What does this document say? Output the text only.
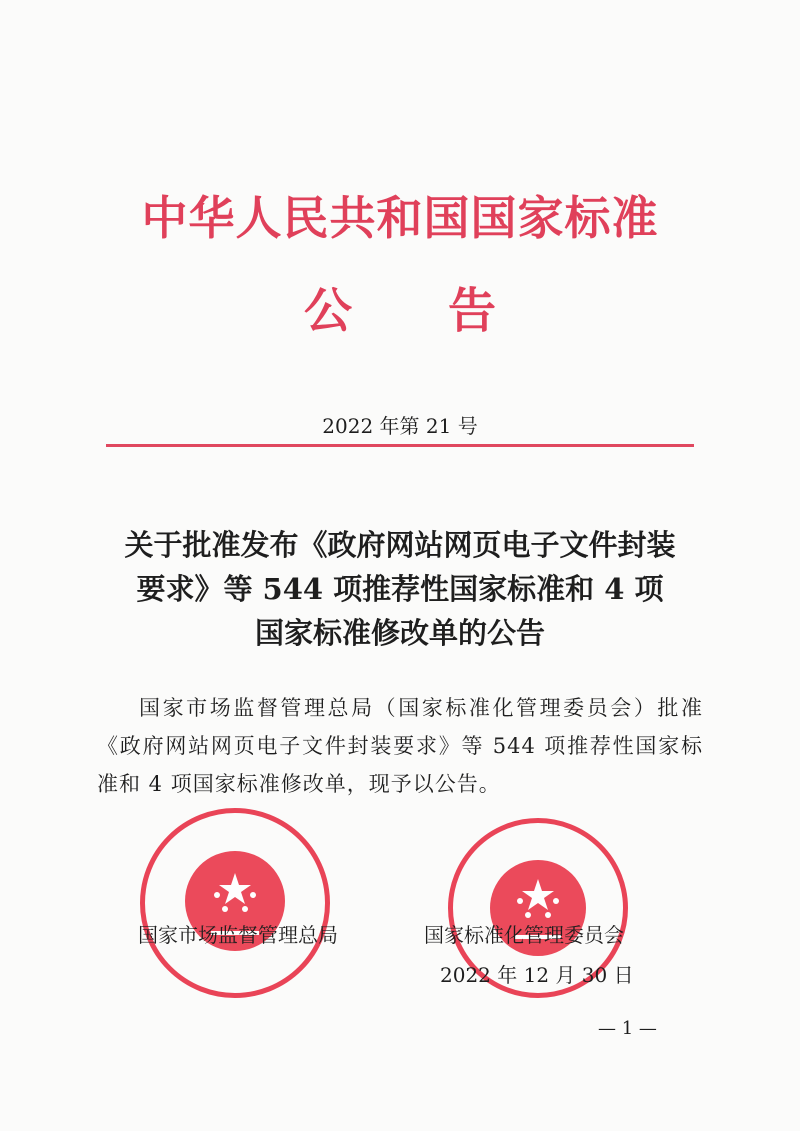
中华人民共和国国家标准
公 告
2022 年第 21 号
关于批准发布《政府网站网页电子文件封装
要求》等 544 项推荐性国家标准和 4 项
国家标准修改单的公告
国家市场监督管理总局（国家标准化管理委员会）批准《政府网站网页电子文件封装要求》等 544 项推荐性国家标准和 4 项国家标准修改单，现予以公告。
国家市场监督管理总局	国家标准化管理委员会
2022 年 12 月 30 日
— 1 —
